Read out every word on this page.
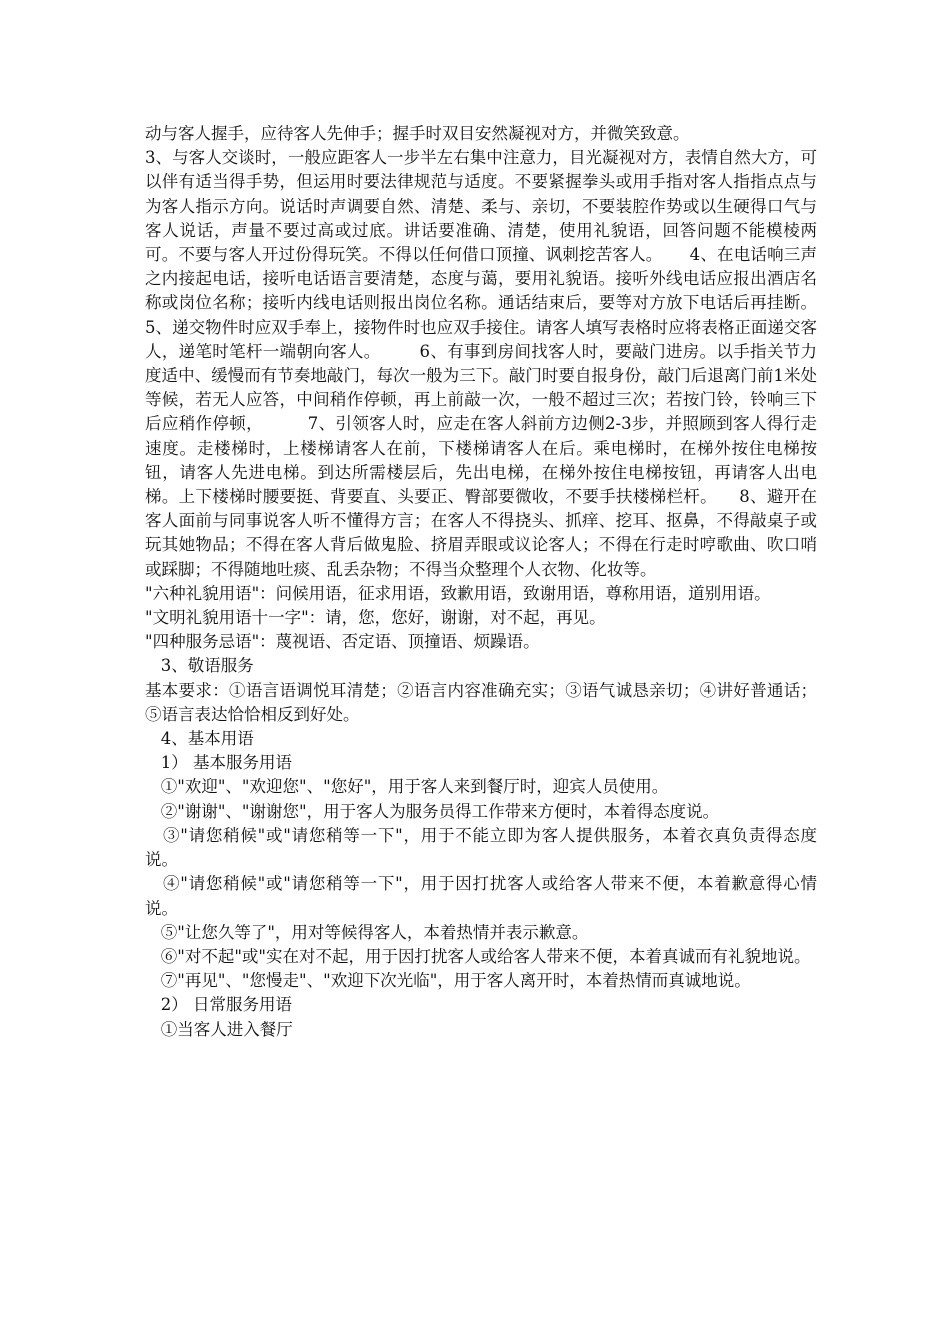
动与客人握手，应待客人先伸手；握手时双目安然凝视对方，并微笑致意。

3、与客人交谈时，一般应距客人一步半左右集中注意力，目光凝视对方，表情自然大方，可以伴有适当得手势，但运用时要法律规范与适度。不要紧握拳头或用手指对客人指指点点与为客人指示方向。说话时声调要自然、清楚、柔与、亲切，不要装腔作势或以生硬得口气与客人说话，声量不要过高或过底。讲话要准确、清楚，使用礼貌语，回答问题不能模棱两可。不要与客人开过份得玩笑。不得以任何借口顶撞、讽刺挖苦客人。     4、在电话响三声之内接起电话，接听电话语言要清楚，态度与蔼，要用礼貌语。接听外线电话应报出酒店名称或岗位名称；接听内线电话则报出岗位名称。通话结束后，要等对方放下电话后再挂断。        5、递交物件时应双手奉上，接物件时也应双手接住。请客人填写表格时应将表格正面递交客人，递笔时笔杆一端朝向客人。       6、有事到房间找客人时，要敲门进房。以手指关节力度适中、缓慢而有节奏地敲门，每次一般为三下。敲门时要自报身份，敲门后退离门前1米处等候，若无人应答，中间稍作停顿，再上前敲一次，一般不超过三次；若按门铃，铃响三下后应稍作停顿，        7、引领客人时，应走在客人斜前方边侧2-3步，并照顾到客人得行走速度。走楼梯时，上楼梯请客人在前，下楼梯请客人在后。乘电梯时，在梯外按住电梯按钮，请客人先进电梯。到达所需楼层后，先出电梯，在梯外按住电梯按钮，再请客人出电梯。上下楼梯时腰要挺、背要直、头要正、臀部要微收，不要手扶楼梯栏杆。    8、避开在客人面前与同事说客人听不懂得方言；在客人不得挠头、抓痒、挖耳、抠鼻，不得敲桌子或玩其她物品；不得在客人背后做鬼脸、挤眉弄眼或议论客人；不得在行走时哼歌曲、吹口哨或踩脚；不得随地吐痰、乱丢杂物；不得当众整理个人衣物、化妆等。

"六种礼貌用语"：问候用语，征求用语，致歉用语，致谢用语，尊称用语，道别用语。

"文明礼貌用语十一字"：请，您，您好，谢谢，对不起，再见。

"四种服务忌语"：蔑视语、否定语、顶撞语、烦躁语。

3、敬语服务

基本要求：①语言语调悦耳清楚；②语言内容准确充实；③语气诚恳亲切；④讲好普通话；⑤语言表达恰恰相反到好处。

4、基本用语

1） 基本服务用语

①"欢迎"、"欢迎您"、"您好"，用于客人来到餐厅时，迎宾人员使用。

②"谢谢"、"谢谢您"，用于客人为服务员得工作带来方便时，本着得态度说。

③"请您稍候"或"请您稍等一下"，用于不能立即为客人提供服务，本着衣真负责得态度说。

④"请您稍候"或"请您稍等一下"，用于因打扰客人或给客人带来不便，本着歉意得心情说。

⑤"让您久等了"，用对等候得客人，本着热情并表示歉意。

⑥"对不起"或"实在对不起，用于因打扰客人或给客人带来不便，本着真诚而有礼貌地说。

⑦"再见"、"您慢走"、"欢迎下次光临"，用于客人离开时，本着热情而真诚地说。

2） 日常服务用语

①当客人进入餐厅
